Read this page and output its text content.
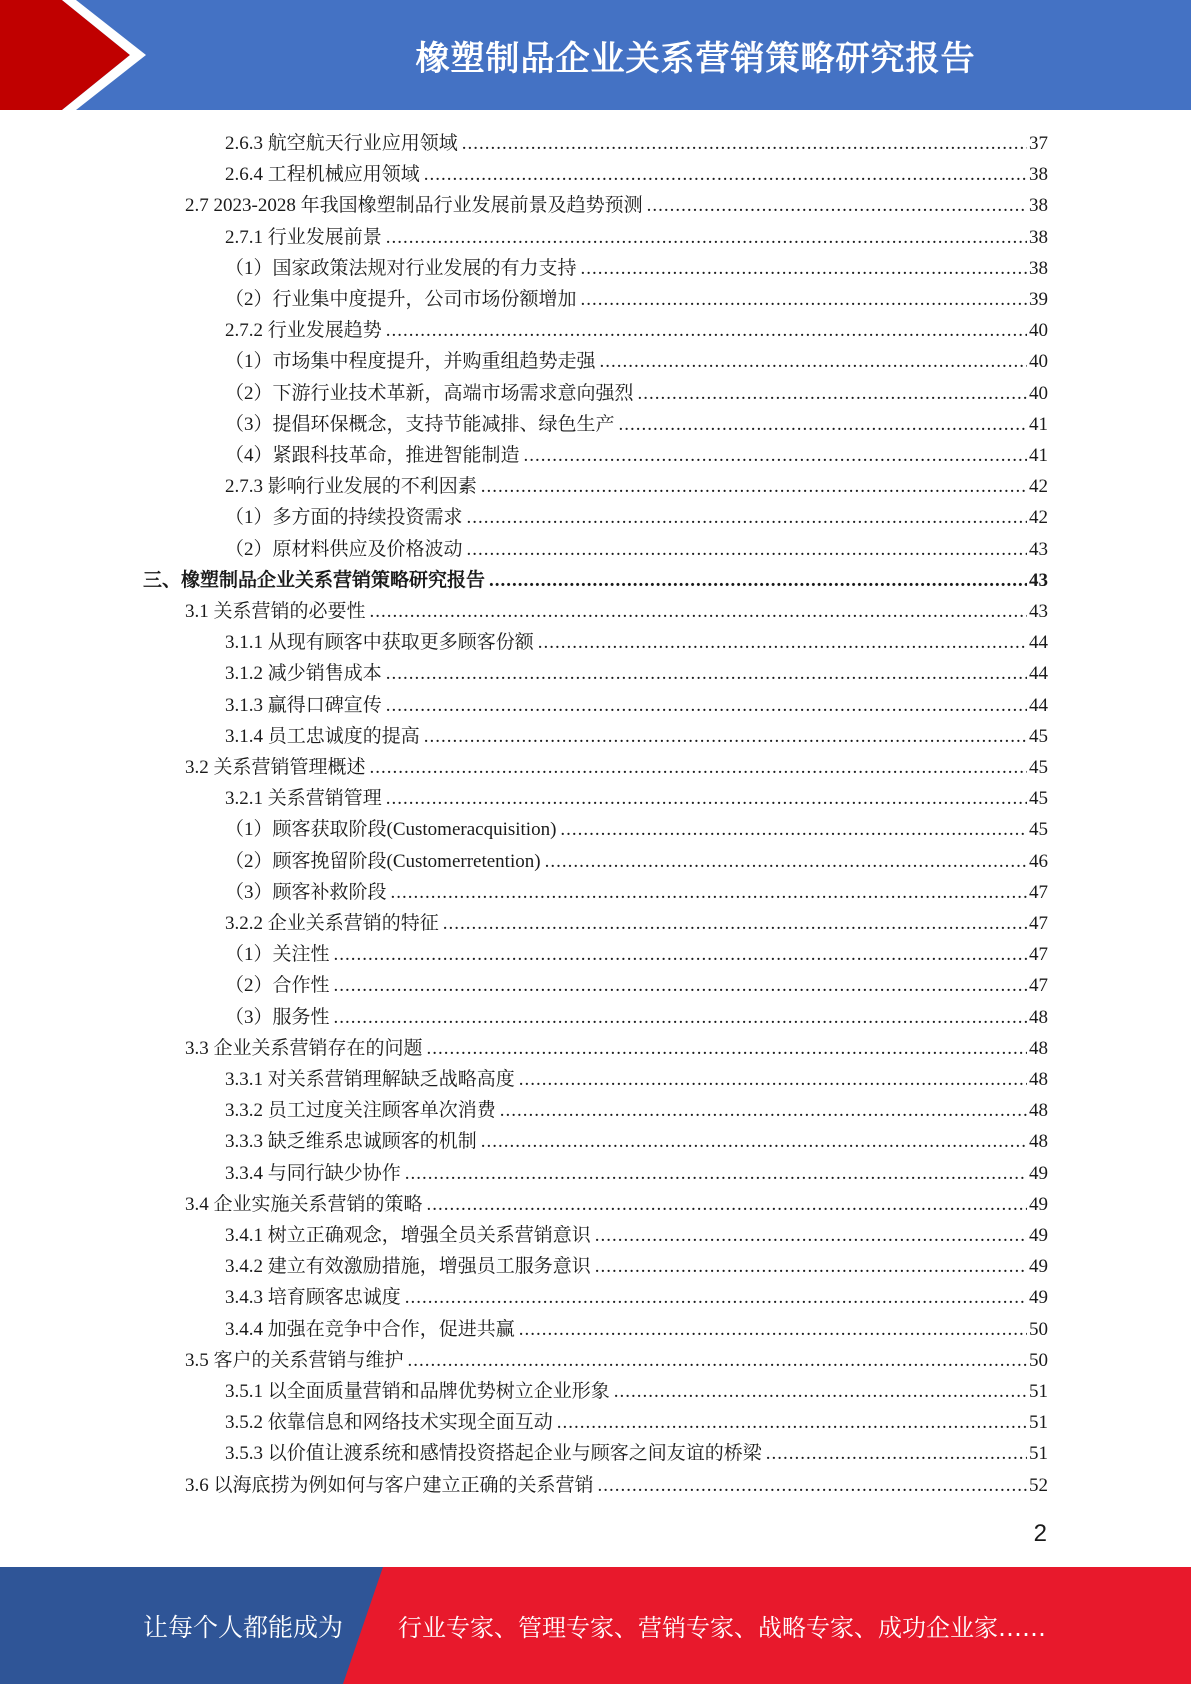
橡塑制品企业关系营销策略研究报告
2.6.3 航空航天行业应用领域 .....	37
2.6.4 工程机械应用领域 .....	38
2.7 2023-2028 年我国橡塑制品行业发展前景及趋势预测 .....	38
2.7.1 行业发展前景 .....	38
（1）国家政策法规对行业发展的有力支持 .....	38
（2）行业集中度提升，公司市场份额增加 .....	39
2.7.2 行业发展趋势 .....	40
（1）市场集中程度提升，并购重组趋势走强 .....	40
（2）下游行业技术革新，高端市场需求意向强烈 .....	40
（3）提倡环保概念，支持节能减排、绿色生产 .....	41
（4）紧跟科技革命，推进智能制造 .....	41
2.7.3 影响行业发展的不利因素 .....	42
（1）多方面的持续投资需求 .....	42
（2）原材料供应及价格波动 .....	43
三、橡塑制品企业关系营销策略研究报告 .....	43
3.1 关系营销的必要性 .....	43
3.1.1 从现有顾客中获取更多顾客份额 .....	44
3.1.2 减少销售成本 .....	44
3.1.3 赢得口碑宣传 .....	44
3.1.4 员工忠诚度的提高 .....	45
3.2 关系营销管理概述 .....	45
3.2.1 关系营销管理 .....	45
（1）顾客获取阶段(Customeracquisition) .....	45
（2）顾客挽留阶段(Customerretention) .....	46
（3）顾客补救阶段 .....	47
3.2.2 企业关系营销的特征 .....	47
（1）关注性 .....	47
（2）合作性 .....	47
（3）服务性 .....	48
3.3 企业关系营销存在的问题 .....	48
3.3.1 对关系营销理解缺乏战略高度 .....	48
3.3.2 员工过度关注顾客单次消费 .....	48
3.3.3 缺乏维系忠诚顾客的机制 .....	48
3.3.4 与同行缺少协作 .....	49
3.4 企业实施关系营销的策略 .....	49
3.4.1 树立正确观念，增强全员关系营销意识 .....	49
3.4.2 建立有效激励措施，增强员工服务意识 .....	49
3.4.3 培育顾客忠诚度 .....	49
3.4.4 加强在竞争中合作，促进共赢 .....	50
3.5 客户的关系营销与维护 .....	50
3.5.1 以全面质量营销和品牌优势树立企业形象 .....	51
3.5.2 依靠信息和网络技术实现全面互动 .....	51
3.5.3 以价值让渡系统和感情投资搭起企业与顾客之间友谊的桥梁 .....	51
3.6 以海底捞为例如何与客户建立正确的关系营销 .....	52
2
让每个人都能成为 行业专家、管理专家、营销专家、战略专家、成功企业家……
